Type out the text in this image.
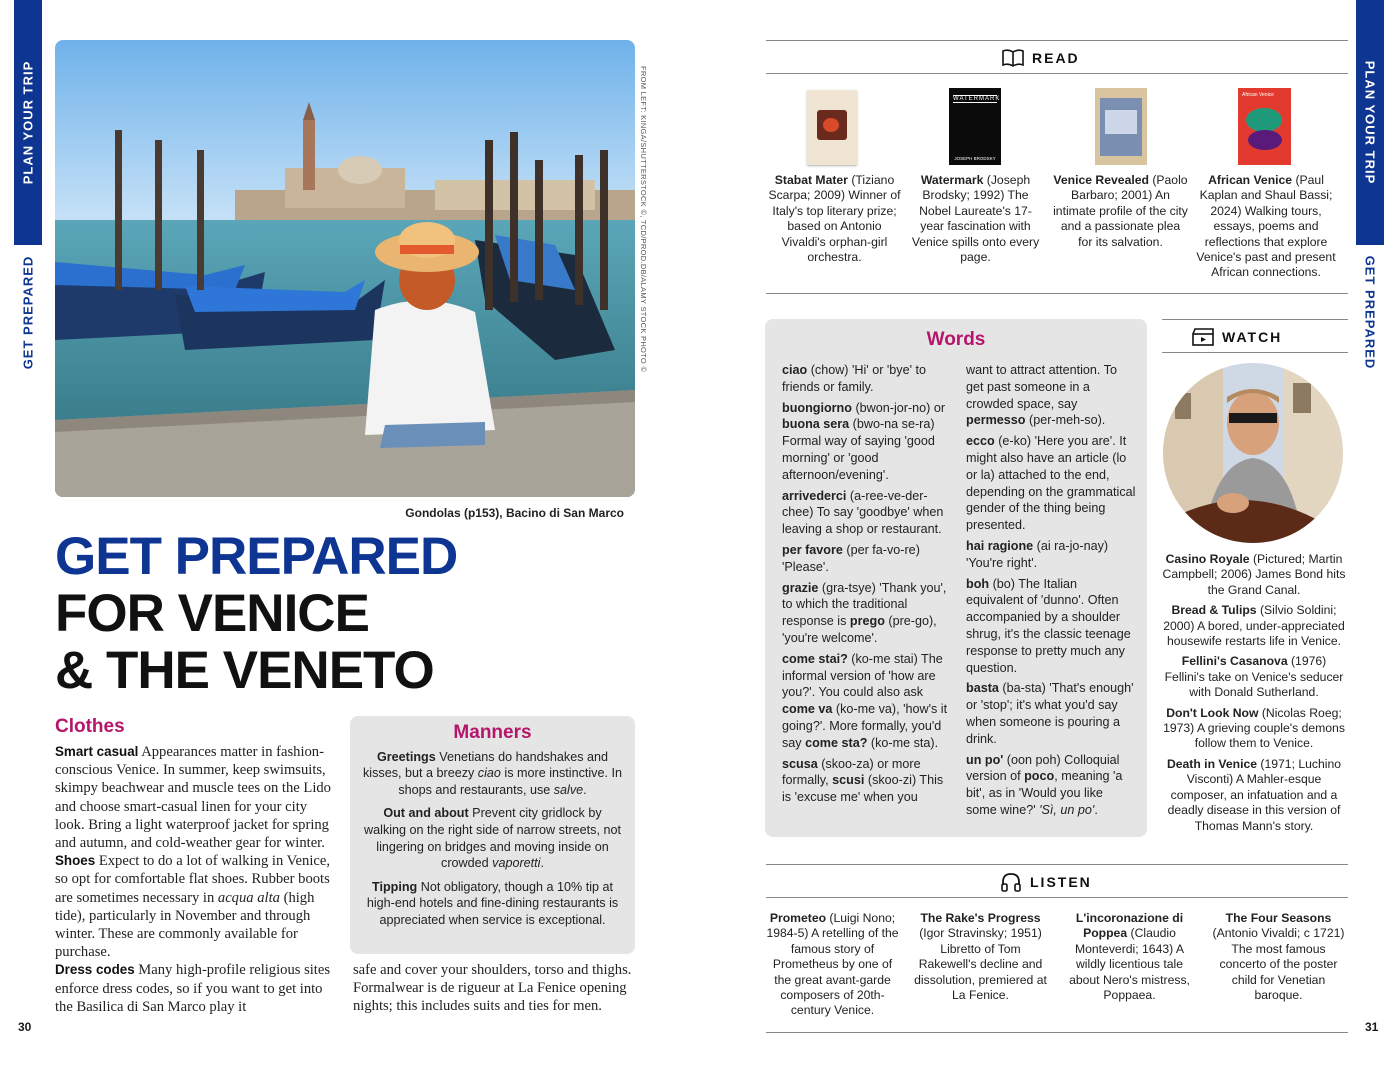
PLAN YOUR TRIP
GET PREPARED
PLAN YOUR TRIP
GET PREPARED
FROM LEFT: KINGA/SHUTTERSTOCK ©, TCD/PROD.DB/ALAMY STOCK PHOTO ©
Gondolas (p153), Bacino di San Marco
GET PREPARED
FOR VENICE
& THE VENETO
Clothes
Smart casual Appearances matter in fashion-conscious Venice. In summer, keep swimsuits, skimpy beachwear and muscle tees on the Lido and choose smart-casual linen for your city look. Bring a light waterproof jacket for spring and autumn, and cold-weather gear for winter.
Shoes Expect to do a lot of walking in Venice, so opt for comfortable flat shoes. Rubber boots are sometimes necessary in acqua alta (high tide), particularly in November and through winter. These are commonly available for purchase.
Dress codes Many high-profile religious sites enforce dress codes, so if you want to get into the Basilica di San Marco play it
safe and cover your shoulders, torso and thighs. Formalwear is de rigueur at La Fenice opening nights; this includes suits and ties for men.
Manners

Greetings Venetians do handshakes and kisses, but a breezy ciao is more instinctive. In shops and restaurants, use salve.

Out and about Prevent city gridlock by walking on the right side of narrow streets, not lingering on bridges and moving inside on crowded vaporetti.

Tipping Not obligatory, though a 10% tip at high-end hotels and fine-dining restaurants is appreciated when service is exceptional.

30	31
READ
WATERMARK
JOSEPH BRODSKY
African Venice
Stabat Mater (Tiziano Scarpa; 2009) Winner of Italy's top literary prize; based on Antonio Vivaldi's orphan-girl orchestra.
Watermark (Joseph Brodsky; 1992) The Nobel Laureate's 17-year fascination with Venice spills onto every page.
Venice Revealed (Paolo Barbaro; 2001) An intimate profile of the city and a passionate plea for its salvation.
African Venice (Paul Kaplan and Shaul Bassi; 2024) Walking tours, essays, poems and reflections that explore Venice's past and present African connections.
Words

ciao (chow) 'Hi' or 'bye' to friends or family.

buongiorno (bwon-jor-no) or buona sera (bwo-na se-ra) Formal way of saying 'good morning' or 'good afternoon/evening'.

arrivederci (a-ree-ve-der-chee) To say 'goodbye' when leaving a shop or restaurant.

per favore (per fa-vo-re) 'Please'.

grazie (gra-tsye) 'Thank you', to which the traditional response is prego (pre-go), 'you're welcome'.

come stai? (ko-me stai) The informal version of 'how are you?'. You could also ask come va (ko-me va), 'how's it going?'. More formally, you'd say come sta? (ko-me sta).

scusa (skoo-za) or more formally, scusi (skoo-zi) This is 'excuse me' when you

want to attract attention. To get past someone in a crowded space, say permesso (per-meh-so).

ecco (e-ko) 'Here you are'. It might also have an article (lo or la) attached to the end, depending on the grammatical gender of the thing being presented.

hai ragione (ai ra-jo-nay) 'You're right'.

boh (bo) The Italian equivalent of 'dunno'. Often accompanied by a shoulder shrug, it's the classic teenage response to pretty much any question.

basta (ba-sta) 'That's enough' or 'stop'; it's what you'd say when someone is pouring a drink.

un po' (oon poh) Colloquial version of poco, meaning 'a bit', as in 'Would you like some wine?' 'Sì, un po'.

WATCH

Casino Royale (Pictured; Martin Campbell; 2006) James Bond hits the Grand Canal.

Bread & Tulips (Silvio Soldini; 2000) A bored, under-appreciated housewife restarts life in Venice.

Fellini's Casanova (1976) Fellini's take on Venice's seducer with Donald Sutherland.

Don't Look Now (Nicolas Roeg; 1973) A grieving couple's demons follow them to Venice.

Death in Venice (1971; Luchino Visconti) A Mahler-esque composer, an infatuation and a deadly disease in this version of Thomas Mann's story.

LISTEN
Prometeo (Luigi Nono; 1984-5) A retelling of the famous story of Prometheus by one of the great avant-garde composers of 20th-century Venice.
The Rake's Progress (Igor Stravinsky; 1951) Libretto of Tom Rakewell's decline and dissolution, premiered at La Fenice.
L'incoronazione di Poppea (Claudio Monteverdi; 1643) A wildly licentious tale about Nero's mistress, Poppaea.
The Four Seasons (Antonio Vivaldi; c 1721) The most famous concerto of the poster child for Venetian baroque.
